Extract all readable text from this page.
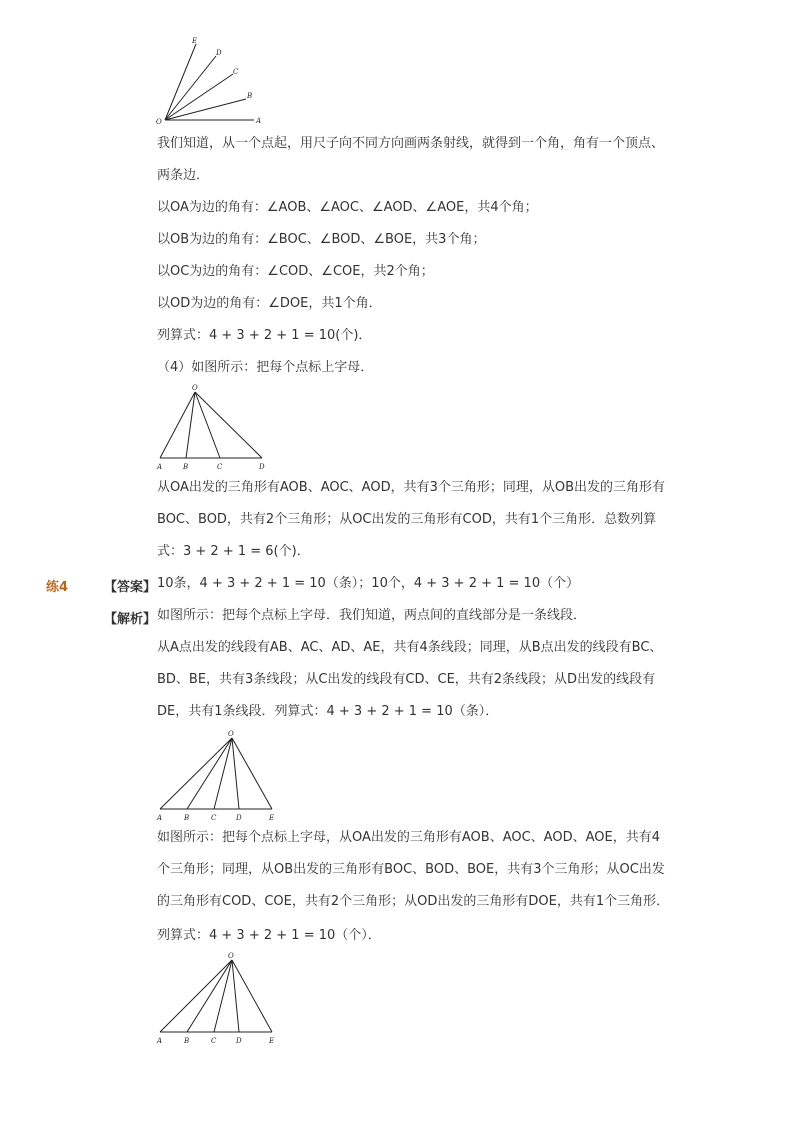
E
D
C
B
O	A
我们知道，从一个点起，用尺子向不同方向画两条射线，就得到一个角，角有一个顶点、
两条边．
以OA为边的角有：∠AOB、∠AOC、∠AOD、∠AOE，共4个角；
以OB为边的角有：∠BOC、∠BOD、∠BOE，共3个角；
以OC为边的角有：∠COD、∠COE，共2个角；
以OD为边的角有：∠DOE，共1个角．
列算式：4 + 3 + 2 + 1 = 10(个)．
（4）如图所示：把每个点标上字母．
O
A	B	C	D
从OA出发的三角形有AOB、AOC、AOD，共有3个三角形；同理，从OB出发的三角形有
BOC、BOD，共有2个三角形；从OC出发的三角形有COD，共有1个三角形．总数列算
式：3 + 2 + 1 = 6(个)．
练4	【答案】 10条，4 + 3 + 2 + 1 = 10（条）；10个，4 + 3 + 2 + 1 = 10（个）
【解析】 如图所示：把每个点标上字母．我们知道，两点间的直线部分是一条线段．
从A点出发的线段有AB、AC、AD、AE，共有4条线段；同理，从B点出发的线段有BC、
BD、BE，共有3条线段；从C出发的线段有CD、CE，共有2条线段；从D出发的线段有
DE，共有1条线段．列算式：4 + 3 + 2 + 1 = 10（条）．
O
A	B	C	D	E
如图所示：把每个点标上字母，从OA出发的三角形有AOB、AOC、AOD、AOE，共有4
个三角形；同理，从OB出发的三角形有BOC、BOD、BOE，共有3个三角形；从OC出发
的三角形有COD、COE，共有2个三角形；从OD出发的三角形有DOE，共有1个三角形．
列算式：4 + 3 + 2 + 1 = 10（个）．
O
A	B	C	D	E
